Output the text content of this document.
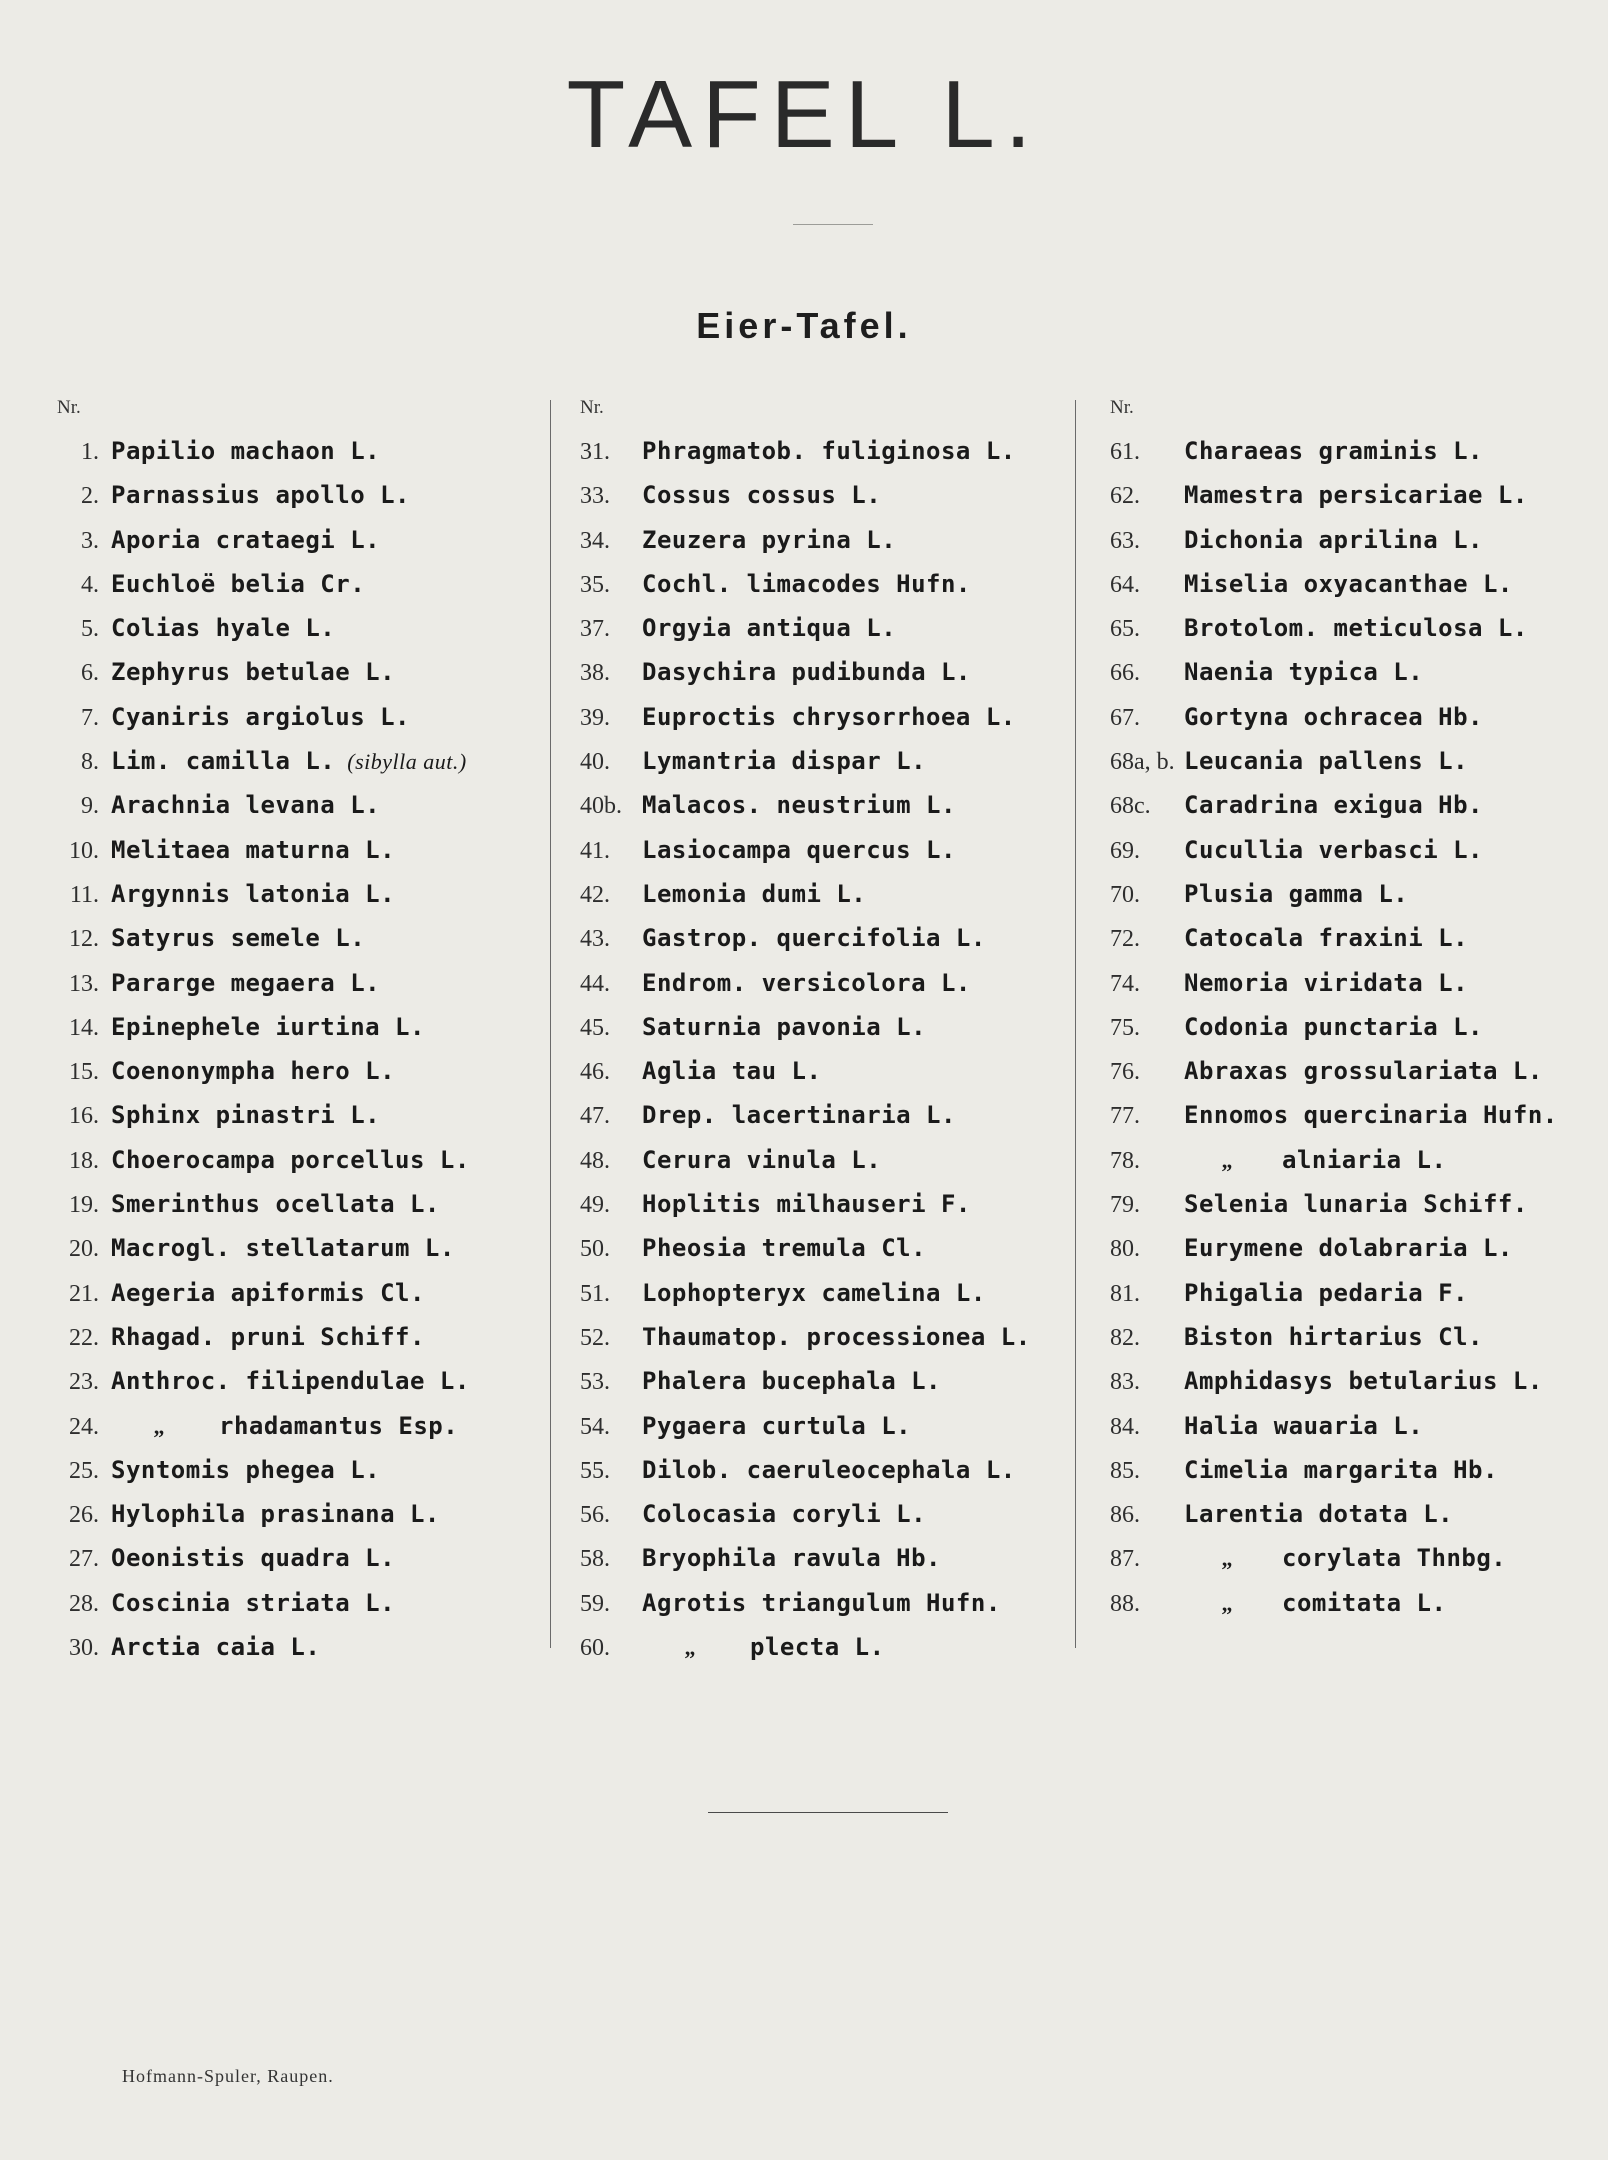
TAFEL L.
Eier-Tafel.
Nr.
1. Papilio machaon L.
2. Parnassius apollo L.
3. Aporia crataegi L.
4. Euchloë belia Cr.
5. Colias hyale L.
6. Zephyrus betulae L.
7. Cyaniris argiolus L.
8. Lim. camilla L. (sibylla aut.)
9. Arachnia levana L.
10. Melitaea maturna L.
11. Argynnis latonia L.
12. Satyrus semele L.
13. Pararge megaera L.
14. Epinephele iurtina L.
15. Coenonympha hero L.
16. Sphinx pinastri L.
18. Choerocampa porcellus L.
19. Smerinthus ocellata L.
20. Macrogl. stellatarum L.
21. Aegeria apiformis Cl.
22. Rhagad. pruni Schiff.
23. Anthroc. filipendulae L.
24. „ rhadamantus Esp.
25. Syntomis phegea L.
26. Hylophila prasinana L.
27. Oeonistis quadra L.
28. Coscinia striata L.
30. Arctia caia L.
Nr.
31. Phragmatob. fuliginosa L.
33. Cossus cossus L.
34. Zeuzera pyrina L.
35. Cochl. limacodes Hufn.
37. Orgyia antiqua L.
38. Dasychira pudibunda L.
39. Euproctis chrysorrhoea L.
40. Lymantria dispar L.
40b. Malacos. neustrium L.
41. Lasiocampa quercus L.
42. Lemonia dumi L.
43. Gastrop. quercifolia L.
44. Endrom. versicolora L.
45. Saturnia pavonia L.
46. Aglia tau L.
47. Drep. lacertinaria L.
48. Cerura vinula L.
49. Hoplitis milhauseri F.
50. Pheosia tremula Cl.
51. Lophopteryx camelina L.
52. Thaumatop. processionea L.
53. Phalera bucephala L.
54. Pygaera curtula L.
55. Dilob. caeruleocephala L.
56. Colocasia coryli L.
58. Bryophila ravula Hb.
59. Agrotis triangulum Hufn.
60.	„ plecta L.
Nr.
61. Charaeas graminis L.
62. Mamestra persicariae L.
63. Dichonia aprilina L.
64. Miselia oxyacanthae L.
65. Brotolom. meticulosa L.
66. Naenia typica L.
67. Gortyna ochracea Hb.
68a, b. Leucania pallens L.
68c. Caradrina exigua Hb.
69. Cucullia verbasci L.
70. Plusia gamma L.
72. Catocala fraxini L.
74. Nemoria viridata L.
75. Codonia punctaria L.
76. Abraxas grossulariata L.
77. Ennomos quercinaria Hufn.
78.	„ alniaria L.
79. Selenia lunaria Schiff.
80. Eurymene dolabraria L.
81. Phigalia pedaria F.
82. Biston hirtarius Cl.
83. Amphidasys betularius L.
84. Halia wauaria L.
85. Cimelia margarita Hb.
86. Larentia dotata L.
87.	„ corylata Thnbg.
88.	„ comitata L.
Hofmann-Spuler, Raupen.
